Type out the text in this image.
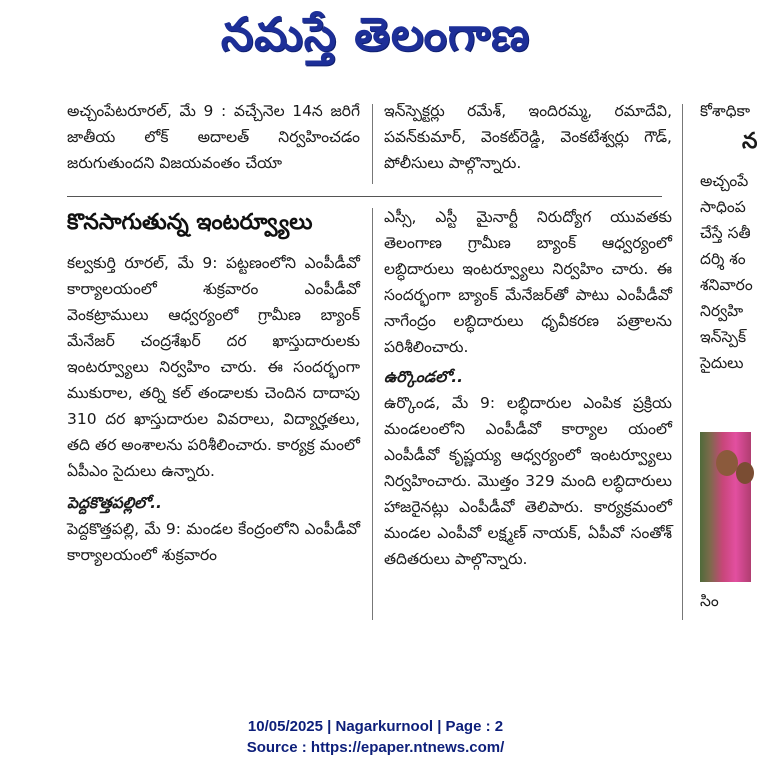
నమస్తే తెలంగాణ

అచ్చంపేటరూరల్, మే 9 : వచ్చేనెల 14న జరిగే జాతీయ లోక్ అదాలత్ నిర్వహించడం జరుగుతుందని విజయవంతం చేయా

కొనసాగుతున్న ఇంటర్వ్యూలు

కల్వకుర్తి రూరల్, మే 9: పట్టణంలోని ఎంపీడీవో కార్యాలయంలో శుక్రవారం ఎంపీడీవో వెంకట్రాములు ఆధ్వర్యంలో గ్రామీణ బ్యాంక్ మేనేజర్ చంద్రశేఖర్ దర ఖాస్తుదారులకు ఇంటర్వ్యూలు నిర్వహిం చారు. ఈ సందర్భంగా ముకురాల, తర్ని కల్ తండాలకు చెందిన దాదాపు 310 దర ఖాస్తుదారుల వివరాలు, విద్యార్హతలు, తది తర అంశాలను పరిశీలించారు. కార్యక్ర మంలో ఏపీఎం సైదులు ఉన్నారు.

పెద్దకొత్తపల్లిలో..

పెద్దకొత్తపల్లి, మే 9: మండల కేంద్రంలోని ఎంపీడీవో కార్యాలయంలో శుక్రవారం

ఇన్‌స్పెక్టర్లు రమేశ్, ఇందిరమ్మ, రమాదేవి, పవన్‌కుమార్, వెంకట్‌రెడ్డి, వెంకటేశ్వర్లు గౌడ్, పోలీసులు పాల్గొన్నారు.

ఎస్సీ, ఎస్టీ మైనార్టీ నిరుద్యోగ యువతకు తెలంగాణ గ్రామీణ బ్యాంక్ ఆధ్వర్యంలో లబ్ధిదారులు ఇంటర్వ్యూలు నిర్వహిం చారు. ఈ సందర్భంగా బ్యాంక్ మేనేజర్‌తో పాటు ఎంపీడీవో నాగేంద్రం లబ్ధిదారులు ధృవీకరణ పత్రాలను పరిశీలించారు.

ఉర్కొండలో..

ఉర్కొండ, మే 9: లబ్ధిదారుల ఎంపిక ప్రక్రియ మండలంలోని ఎంపీడీవో కార్యాల యంలో ఎంపీడీవో కృష్ణయ్య ఆధ్వర్యంలో ఇంటర్వ్యూలు నిర్వహించారు. మొత్తం 329 మంది లబ్ధిదారులు హాజరైనట్లు ఎంపీడీవో తెలిపారు. కార్యక్రమంలో మండల ఎంపీవో లక్ష్మణ్ నాయక్, ఏపీవో సంతోశ్ తదితరులు పాల్గొన్నారు.

కోశాధికా

న

అచ్చంపే

సాధింప

చేస్తే సతీ

దర్శి శం

శనివారం

నిర్వహి

ఇన్‌స్పెక్

సైదులు

సిం
10/05/2025 | Nagarkurnool | Page : 2
Source : https://epaper.ntnews.com/
